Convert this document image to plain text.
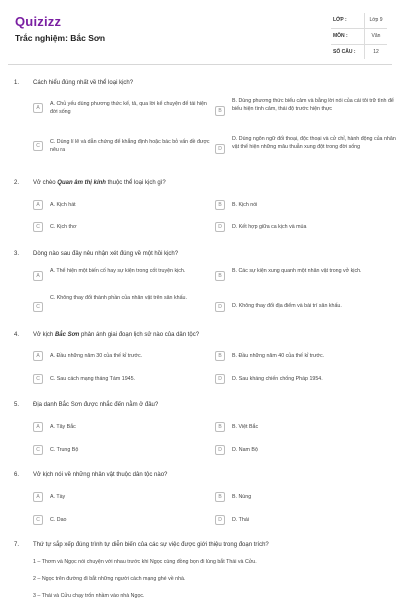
Quizizz
Trắc nghiệm: Bắc Sơn
LỚP :	Lớp 9
MÔN :	Văn
SỐ CÂU :	12
1. Cách hiểu đúng nhất về thể loại kịch?
A
A. Chủ yếu dùng phương thức kể, tả, qua lời kể chuyện để tái hiện đời sống	B
B. Dùng phương thức biểu cảm và bằng lời nói của cái tôi trữ tình để biểu hiện tình cảm, thái độ trước hiện thực
C
C. Dùng lí lẽ và dẫn chứng để khẳng định hoặc bác bỏ vấn đề được nêu ra	D
D. Dùng ngôn ngữ đối thoại, độc thoại và cử chỉ, hành động của nhân vật thể hiện những mâu thuẫn xung đột trong đời sống
2. Vở chèo Quan âm thị kính thuộc thể loại kịch gì?
A	A. Kịch hát	B	B. Kịch nói
C	C. Kịch thơ	D	D. Kết hợp giữa ca kịch và múa
3. Dòng nào sau đây nêu nhận xét đúng về một hồi kịch?
A
A. Thể hiện một biến cố hay sự kiện trong cốt truyện kịch.
B
B. Các sự kiện xung quanh một nhân vật trong vở kịch.
C
C. Không thay đổi thành phần của nhân vật trên sân khấu.
D	D. Không thay đổi địa điểm và bài trí sân khấu.
4. Vở kịch Bắc Sơn phản ánh giai đoạn lịch sử nào của dân tộc?
A	A. Đầu những năm 30 của thế kỉ trước.	B	B. Đầu những năm 40 của thế kỉ trước.
C	C. Sau cách mạng tháng Tám 1945.	D	D. Sau kháng chiến chống Pháp 1954.
5. Địa danh Bắc Sơn được nhắc đến nằm ở đâu?
A	A. Tây Bắc	B	B. Việt Bắc
C	C. Trung Bộ	D	D. Nam Bộ
6. Vở kịch nói về những nhân vật thuộc dân tộc nào?
A	A. Tày	B	B. Nùng
C	C. Dao	D	D. Thái
7. Thứ tự sắp xếp đúng trình tự diễn biến của các sự việc được giới thiệu trong đoạn trích?
1 – Thơm và Ngọc nói chuyện với nhau trước khi Ngọc cùng đồng bọn đi lùng bắt Thái và Cửu.
2 – Ngọc trên đường đi bắt những người cách mạng ghé về nhà.
3 – Thái và Cửu chạy trốn nhầm vào nhà Ngọc.
